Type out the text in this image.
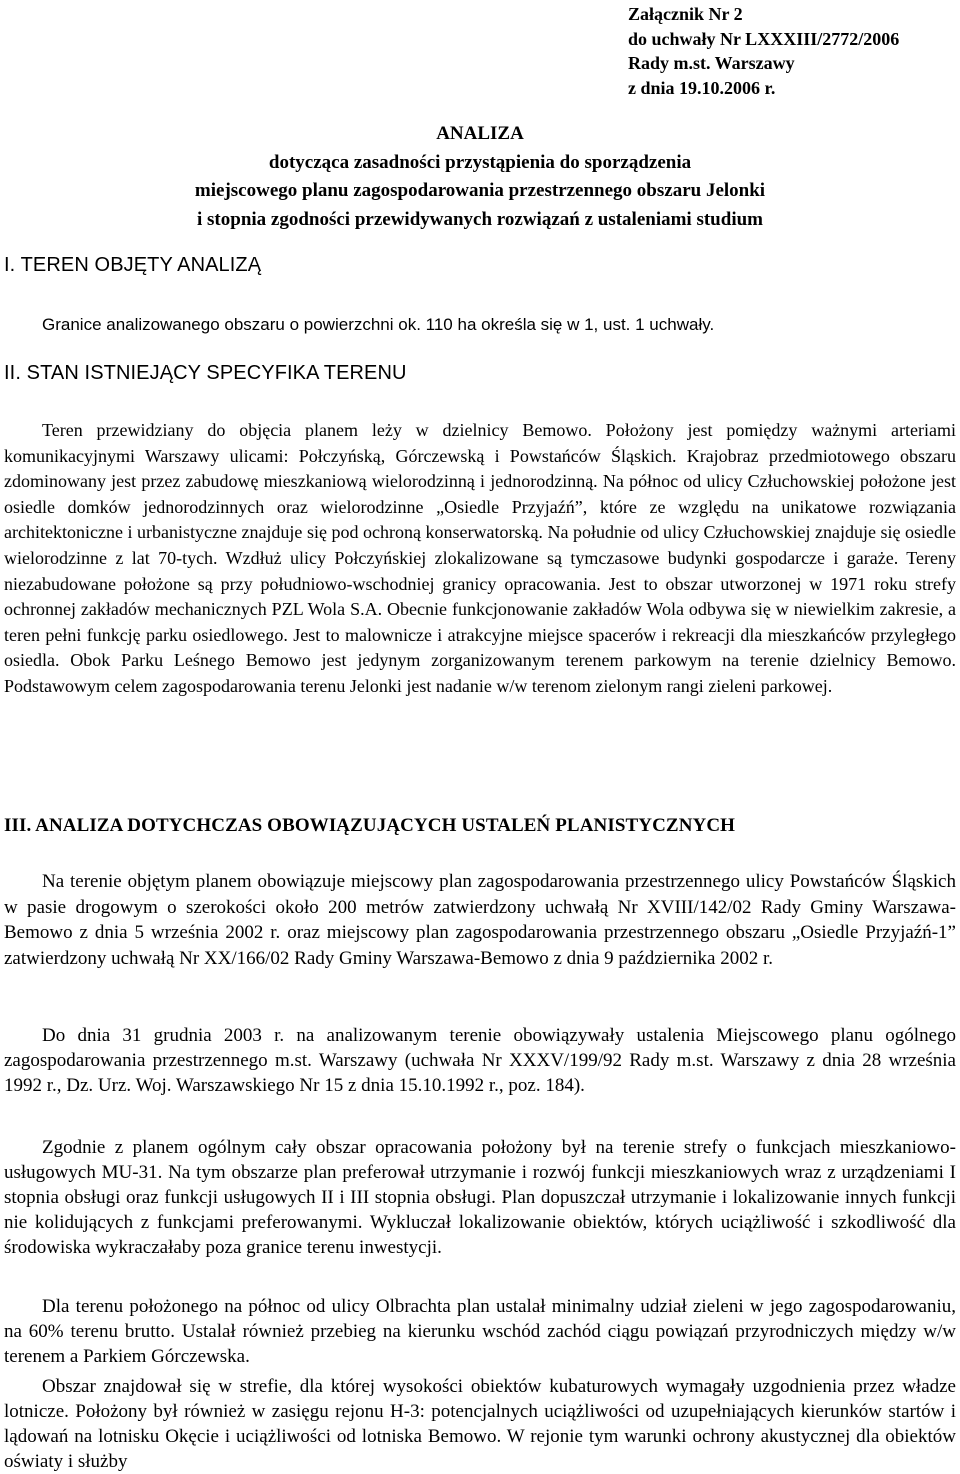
Załącznik Nr 2
do uchwały Nr LXXXIII/2772/2006
Rady m.st. Warszawy
z dnia 19.10.2006 r.
ANALIZA
dotycząca zasadności przystąpienia do sporządzenia
miejscowego planu zagospodarowania przestrzennego obszaru Jelonki
i stopnia zgodności przewidywanych rozwiązań z ustaleniami studium
I. TEREN OBJĘTY ANALIZĄ
Granice analizowanego obszaru o powierzchni ok. 110 ha określa się w 1, ust. 1 uchwały.
II. STAN ISTNIEJĄCY SPECYFIKA TERENU
Teren przewidziany do objęcia planem leży w dzielnicy Bemowo. Położony jest pomiędzy ważnymi arteriami komunikacyjnymi Warszawy ulicami: Połczyńską, Górczewską i Powstańców Śląskich. Krajobraz przedmiotowego obszaru zdominowany jest przez zabudowę mieszkaniową wielorodzinną i jednorodzinną. Na północ od ulicy Człuchowskiej położone jest osiedle domków jednorodzinnych oraz wielorodzinne „Osiedle Przyjaźń”, które ze względu na unikatowe rozwiązania architektoniczne i urbanistyczne znajduje się pod ochroną konserwatorską. Na południe od ulicy Człuchowskiej znajduje się osiedle wielorodzinne z lat 70-tych. Wzdłuż ulicy Połczyńskiej zlokalizowane są tymczasowe budynki gospodarcze i garaże. Tereny niezabudowane położone są przy południowo-wschodniej granicy opracowania. Jest to obszar utworzonej w 1971 roku strefy ochronnej zakładów mechanicznych PZL Wola S.A. Obecnie funkcjonowanie zakładów Wola odbywa się w niewielkim zakresie, a teren pełni funkcję parku osiedlowego. Jest to malownicze i atrakcyjne miejsce spacerów i rekreacji dla mieszkańców przyległego osiedla. Obok Parku Leśnego Bemowo jest jedynym zorganizowanym terenem parkowym na terenie dzielnicy Bemowo. Podstawowym celem zagospodarowania terenu Jelonki jest nadanie w/w terenom zielonym rangi zieleni parkowej.
III. ANALIZA DOTYCHCZAS OBOWIĄZUJĄCYCH USTALEŃ PLANISTYCZNYCH
Na terenie objętym planem obowiązuje miejscowy plan zagospodarowania przestrzennego ulicy Powstańców Śląskich w pasie drogowym o szerokości około 200 metrów zatwierdzony uchwałą Nr XVIII/142/02 Rady Gminy Warszawa-Bemowo z dnia 5 września 2002 r. oraz miejscowy plan zagospodarowania przestrzennego obszaru „Osiedle Przyjaźń-1” zatwierdzony uchwałą Nr XX/166/02 Rady Gminy Warszawa-Bemowo z dnia 9 października 2002 r.
Do dnia 31 grudnia 2003 r. na analizowanym terenie obowiązywały ustalenia Miejscowego planu ogólnego zagospodarowania przestrzennego m.st. Warszawy (uchwała Nr XXXV/199/92 Rady m.st. Warszawy z dnia 28 września 1992 r., Dz. Urz. Woj. Warszawskiego Nr 15 z dnia 15.10.1992 r., poz. 184).
Zgodnie z planem ogólnym cały obszar opracowania położony był na terenie strefy o funkcjach mieszkaniowo-usługowych MU-31. Na tym obszarze plan preferował utrzymanie i rozwój funkcji mieszkaniowych wraz z urządzeniami I stopnia obsługi oraz funkcji usługowych II i III stopnia obsługi. Plan dopuszczał utrzymanie i lokalizowanie innych funkcji nie kolidujących z funkcjami preferowanymi. Wykluczał lokalizowanie obiektów, których uciążliwość i szkodliwość dla środowiska wykraczałaby poza granice terenu inwestycji.
Dla terenu położonego na północ od ulicy Olbrachta plan ustalał minimalny udział zieleni w jego zagospodarowaniu, na 60% terenu brutto. Ustalał również przebieg na kierunku wschód zachód ciągu powiązań przyrodniczych między w/w terenem a Parkiem Górczewska.
Obszar znajdował się w strefie, dla której wysokości obiektów kubaturowych wymagały uzgodnienia przez władze lotnicze. Położony był również w zasięgu rejonu H-3: potencjalnych uciążliwości od uzupełniających kierunków startów i lądowań na lotnisku Okęcie i uciążliwości od lotniska Bemowo. W rejonie tym warunki ochrony akustycznej dla obiektów oświaty i służby
